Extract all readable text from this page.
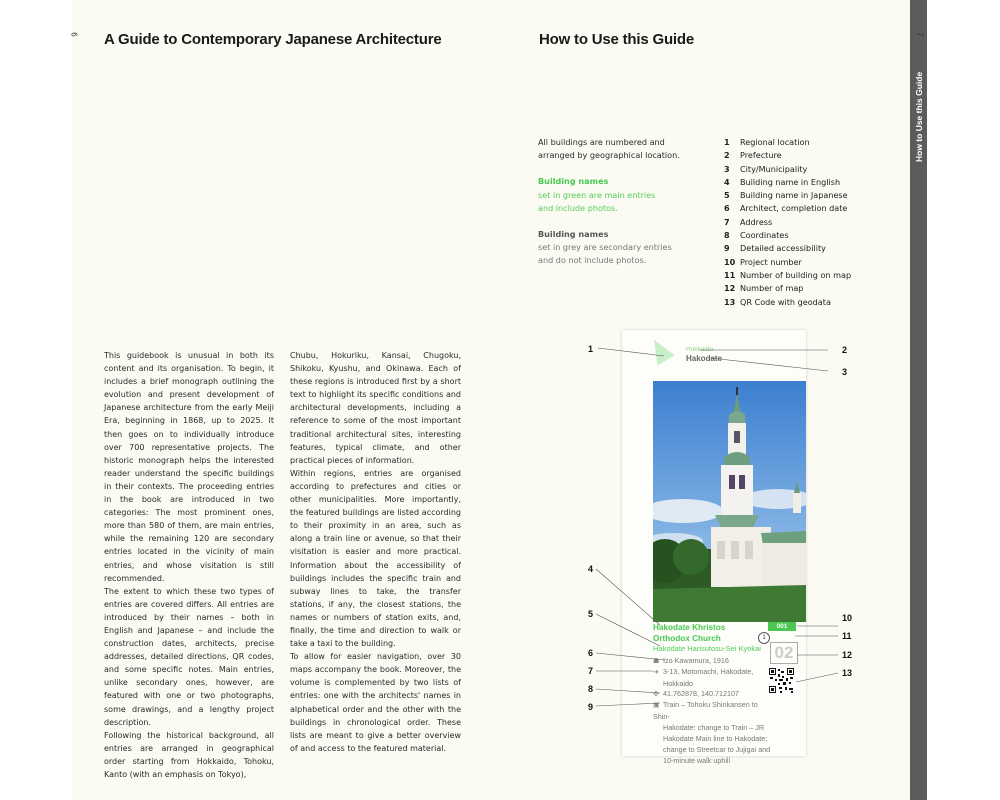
How to Use this Guide
6	7
A Guide to Contemporary Japanese Architecture	How to Use this Guide
All buildings are numbered and
arranged by geographical location.
Building names
set in green are main entries
and include photos.
Building names
set in grey are secondary entries
and do not include photos.
1	Regional location
2	Prefecture
3	City/Municipality
4	Building name in English
5	Building name in Japanese
6	Architect, completion date
7	Address
8	Coordinates
9	Detailed accessibility
10 Project number
11 Number of building on map
12 Number of map
13 QR Code with geodata

This guidebook is unusual in both its content and its organisation. To begin, it includes a brief monograph outlining the evolution and present development of Japanese architecture from the early Meiji Era, beginning in 1868, up to 2025. It then goes on to individually introduce over 700 representative projects. The historic monograph helps the interested reader understand the specific buildings in their contexts. The proceeding entries in the book are introduced in two categories: The most prominent ones, more than 580 of them, are main entries, while the remaining 120 are secondary entries located in the vicinity of main entries, and whose visitation is still recommended.

The extent to which these two types of entries are covered differs. All entries are introduced by their names – both in English and Japanese – and include the construction dates, architects, precise addresses, detailed directions, QR codes, and some specific notes. Main entries, unlike secondary ones, however, are featured with one or two photographs, some drawings, and a lengthy project description.

Following the historical background, all entries are arranged in geographical order starting from Hokkaido, Tohoku, Kanto (with an emphasis on Tokyo),

Chubu, Hokuriku, Kansai, Chugoku, Shikoku, Kyushu, and Okinawa. Each of these regions is introduced first by a short text to highlight its specific conditions and architectural developments, including a reference to some of the most important traditional architectural sites, interesting features, typical climate, and other practical pieces of information.

Within regions, entries are organised according to prefectures and cities or other municipalities. More importantly, the featured buildings are listed according to their proximity in an area, such as along a train line or avenue, so that their visitation is easier and more practical. Information about the accessibility of buildings includes the specific train and subway lines to take, the transfer stations, if any, the closest stations, the names or numbers of station exits, and, finally, the time and direction to walk or take a taxi to the building.

To allow for easier navigation, over 30 maps accompany the book. Moreover, the volume is complemented by two lists of entries: one with the architects' names in alphabetical order and the other with the buildings in chronological order. These lists are meant to give a better overview of and access to the featured material.

Hokkaido
Hakodate
Hakodate Khristos
Orthodox Church
Hakodate Harisutosu-Sei Kyokai
☗ Izo Kawamura, 1916
➜ 3-13, Motomachi, Hakodate,
Hokkaido
✜ 41.762878, 140.712107
▣ Train – Tohoku Shinkansen to Shin-
Hakodate: change to Train – JR
Hakodate Main line to Hakodate;
change to Streetcar to Jujigai and
10-minute walk uphill
001
1
02
1	2
3
4
5
6
7
8
9
10
11
12
13
